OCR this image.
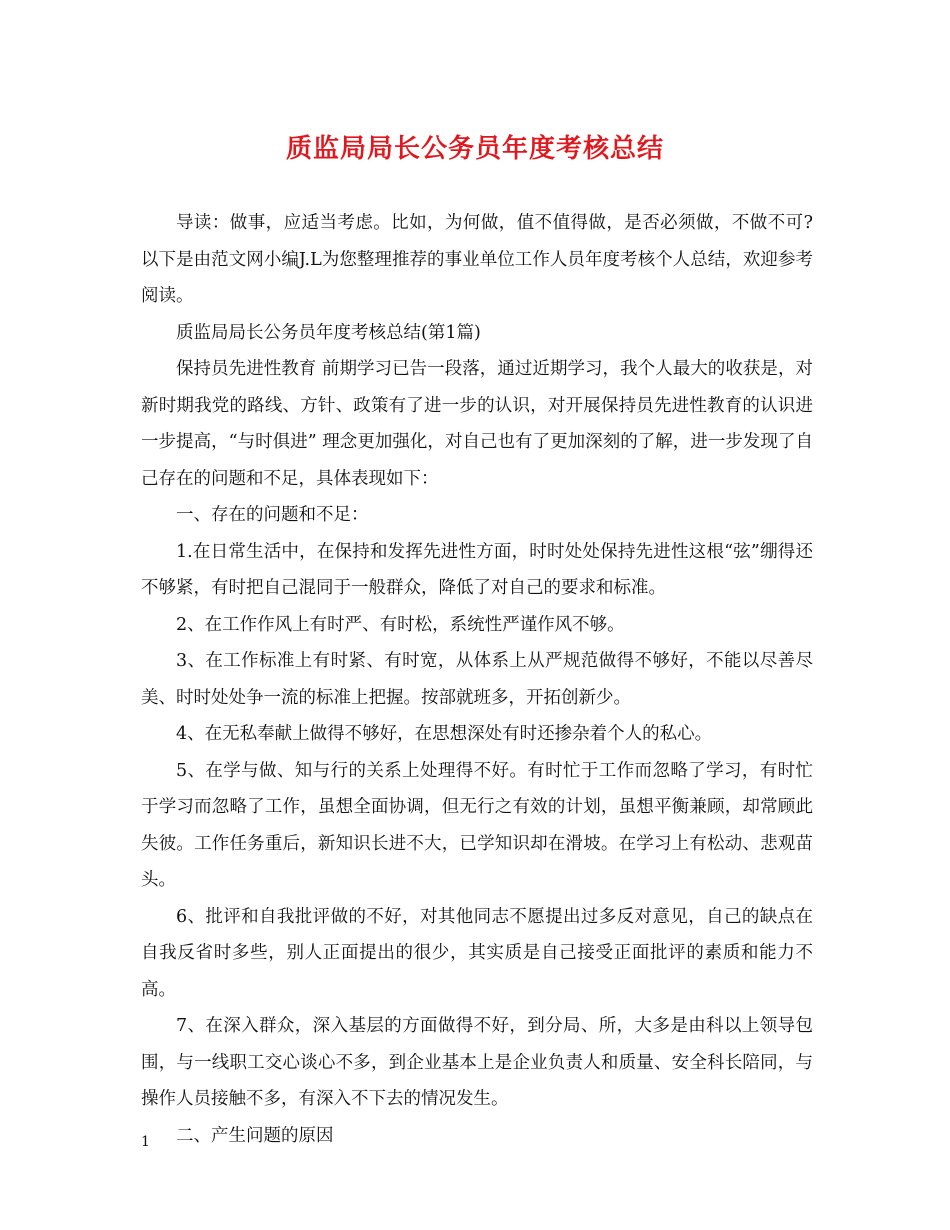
质监局局长公务员年度考核总结

导读：做事，应适当考虑。比如，为何做，值不值得做，是否必须做，不做不可?以下是由范文网小编J.L为您整理推荐的事业单位工作人员年度考核个人总结，欢迎参考阅读。

质监局局长公务员年度考核总结(第1篇)

保持员先进性教育 前期学习已告一段落，通过近期学习，我个人最大的收获是，对新时期我党的路线、方针、政策有了进一步的认识，对开展保持员先进性教育的认识进一步提高，“与时俱进” 理念更加强化，对自己也有了更加深刻的了解，进一步发现了自己存在的问题和不足，具体表现如下：

一、存在的问题和不足：

1.在日常生活中，在保持和发挥先进性方面，时时处处保持先进性这根“弦”绷得还不够紧，有时把自己混同于一般群众，降低了对自己的要求和标准。

2、在工作作风上有时严、有时松，系统性严谨作风不够。

3、在工作标准上有时紧、有时宽，从体系上从严规范做得不够好，不能以尽善尽美、时时处处争一流的标准上把握。按部就班多，开拓创新少。

4、在无私奉献上做得不够好，在思想深处有时还掺杂着个人的私心。

5、在学与做、知与行的关系上处理得不好。有时忙于工作而忽略了学习，有时忙于学习而忽略了工作，虽想全面协调，但无行之有效的计划，虽想平衡兼顾，却常顾此失彼。工作任务重后，新知识长进不大，已学知识却在滑坡。在学习上有松动、悲观苗头。

6、批评和自我批评做的不好，对其他同志不愿提出过多反对意见，自己的缺点在自我反省时多些，别人正面提出的很少，其实质是自己接受正面批评的素质和能力不高。

7、在深入群众，深入基层的方面做得不好，到分局、所，大多是由科以上领导包围，与一线职工交心谈心不多，到企业基本上是企业负责人和质量、安全科长陪同，与操作人员接触不多，有深入不下去的情况发生。

二、产生问题的原因

1
